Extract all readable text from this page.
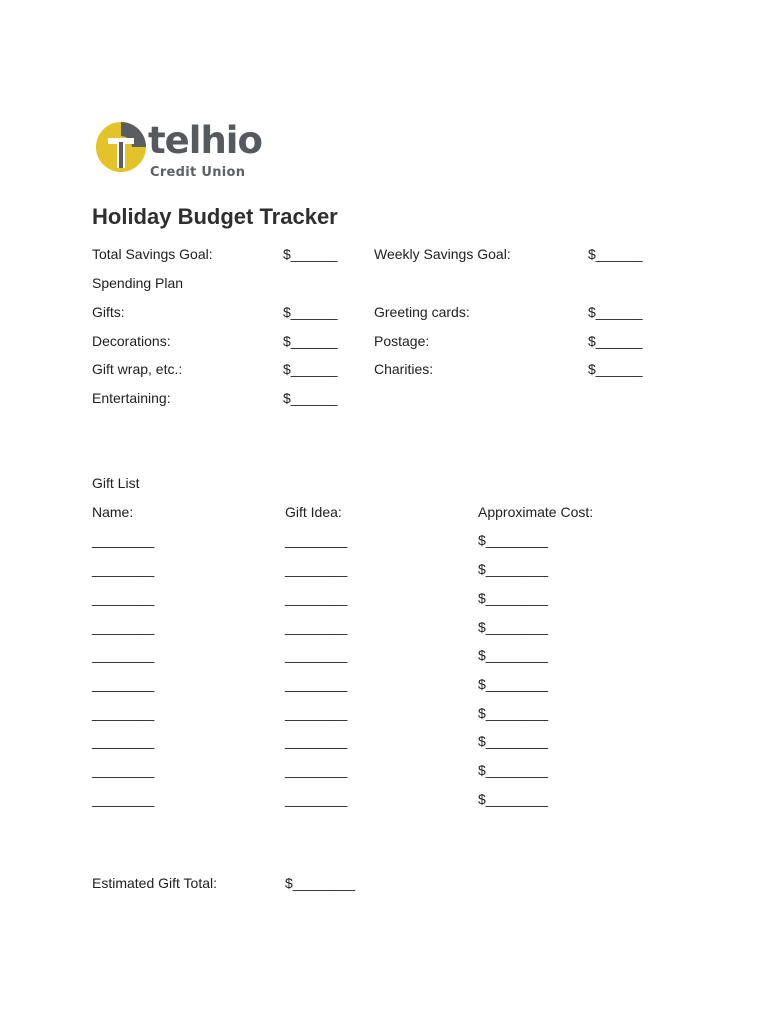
telhio
Credit Union
Holiday Budget Tracker
Total Savings Goal:	$______	Weekly Savings Goal:	$______
Spending Plan
Gifts:	$______	Greeting cards:	$______
Decorations:	$______	Postage:	$______
Gift wrap, etc.:	$______	Charities:	$______
Entertaining:	$______
Gift List
Name:	Gift Idea:	Approximate Cost:
________	________	$________
________	________	$________
________	________	$________
________	________	$________
________	________	$________
________	________	$________
________	________	$________
________	________	$________
________	________	$________
________	________	$________
Estimated Gift Total:	$________
